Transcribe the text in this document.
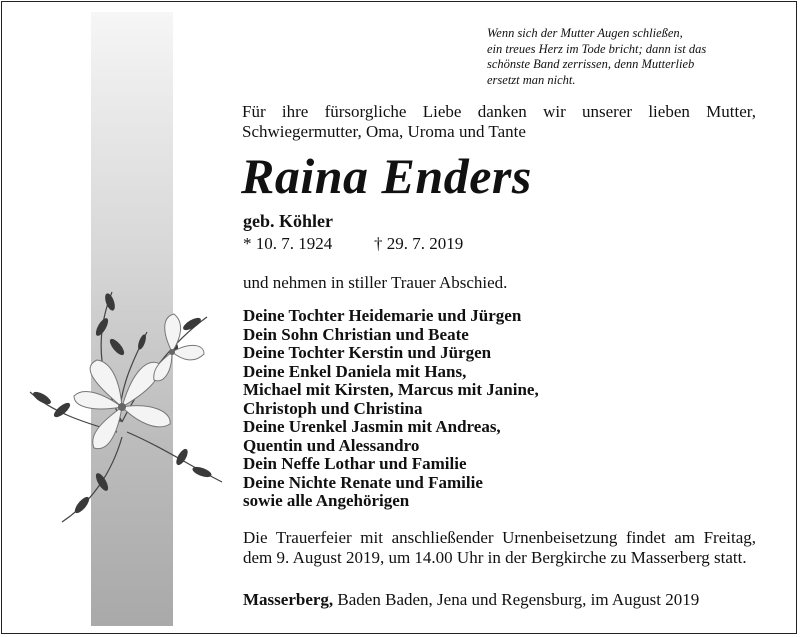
Wenn sich der Mutter Augen schließen,
ein treues Herz im Tode bricht; dann ist das
schönste Band zerrissen, denn Mutterlieb
ersetzt man nicht.
Für ihre fürsorgliche Liebe danken wir unserer lieben Mutter, Schwiegermutter, Oma, Uroma und Tante
Raina Enders
geb. Köhler
* 10. 7. 1924 † 29. 7. 2019
und nehmen in stiller Trauer Abschied.
Deine Tochter Heidemarie und Jürgen
Dein Sohn Christian und Beate
Deine Tochter Kerstin und Jürgen
Deine Enkel Daniela mit Hans,
Michael mit Kirsten, Marcus mit Janine,
Christoph und Christina
Deine Urenkel Jasmin mit Andreas,
Quentin und Alessandro
Dein Neffe Lothar und Familie
Deine Nichte Renate und Familie
sowie alle Angehörigen
Die Trauerfeier mit anschließender Urnenbeisetzung findet am Freitag, dem 9. August 2019, um 14.00 Uhr in der Bergkirche zu Masserberg statt.
Masserberg, Baden Baden, Jena und Regensburg, im August 2019
